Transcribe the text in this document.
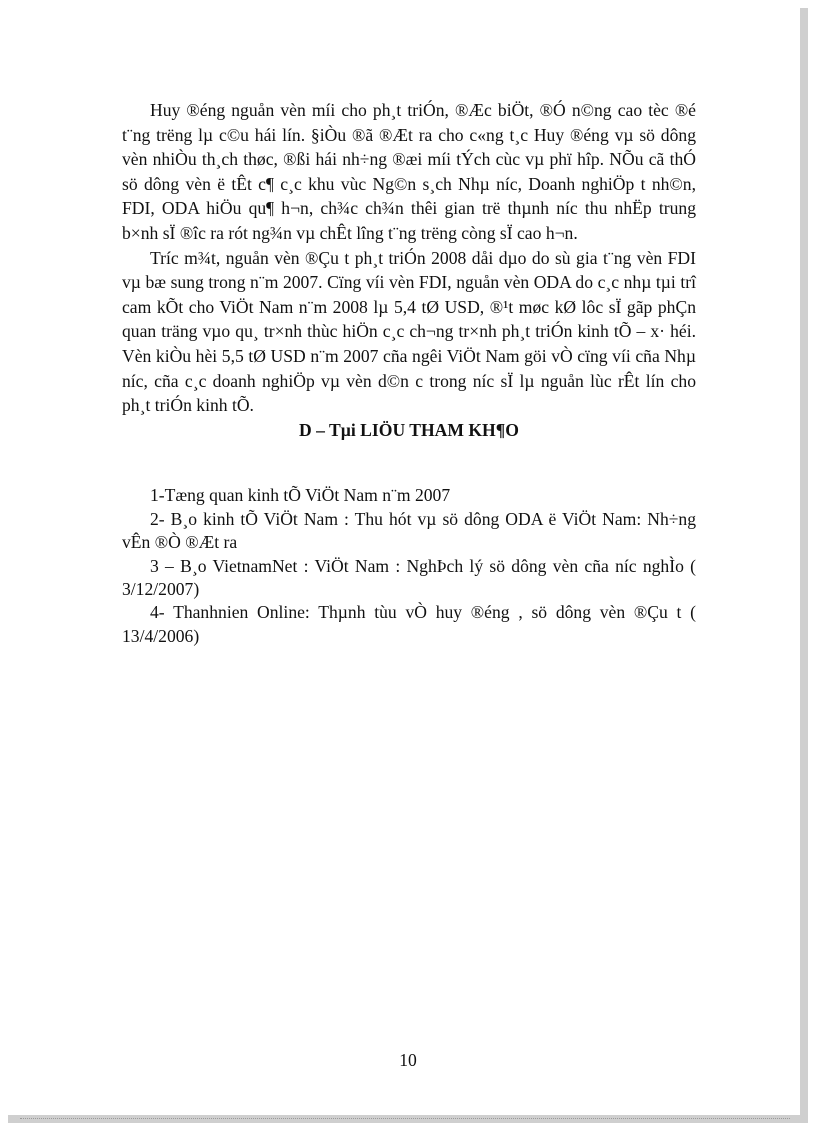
Huy ®éng nguån vèn míi cho ph¸t triÓn, ®Æc biÖt, ®Ó n©ng cao tèc ®é t¨ng trëng lµ c©u hái lín. §iÒu ®ã ®Æt ra cho c«ng t¸c Huy ®éng vµ sö dông vèn nhiÒu th¸ch thøc, ®ßi hái nh÷ng ®æi míi tÝch cùc vµ phï hîp. NÕu cã thÓ sö dông vèn ë tÊt c¶ c¸c khu vùc Ng©n s¸ch Nhµ níc, Doanh nghiÖp t nh©n, FDI, ODA hiÖu qu¶ h¬n, ch¾c ch¾n thêi gian trë thµnh níc thu nhËp trung b×nh sÏ ®îc ra rót ng¾n vµ chÊt lîng t¨ng trëng còng sÏ cao h¬n.

Tríc m¾t, nguån vèn ®Çu t ph¸t triÓn 2008 dåi dµo do sù gia t¨ng vèn FDI vµ bæ sung trong n¨m 2007. Cïng víi vèn FDI, nguån vèn ODA do c¸c nhµ tµi trî cam kÕt cho ViÖt Nam n¨m 2008 lµ 5,4 tØ USD, ®¹t møc kØ lôc sÏ gãp phÇn quan träng vµo qu¸ tr×nh thùc hiÖn c¸c ch¬ng tr×nh ph¸t triÓn kinh tÕ – x· héi. Vèn kiÒu hèi 5,5 tØ USD n¨m 2007 cña ngêi ViÖt Nam göi vÒ cïng víi cña Nhµ níc, cña c¸c doanh nghiÖp vµ vèn d©n c trong níc sÏ lµ nguån lùc rÊt lín cho ph¸t triÓn kinh tÕ.

D – Tµi LIÖU THAM KH¶O

1-Tæng quan kinh tÕ ViÖt Nam n¨m 2007

2- B¸o kinh tÕ ViÖt Nam : Thu hót vµ sö dông ODA ë ViÖt Nam: Nh÷ng vÊn ®Ò ®Æt ra

3 – B¸o VietnamNet : ViÖt Nam : NghÞch lý sö dông vèn cña níc nghÌo ( 3/12/2007)

4- Thanhnien Online: Thµnh tùu vÒ huy ®éng , sö dông vèn ®Çu t ( 13/4/2006)

10
